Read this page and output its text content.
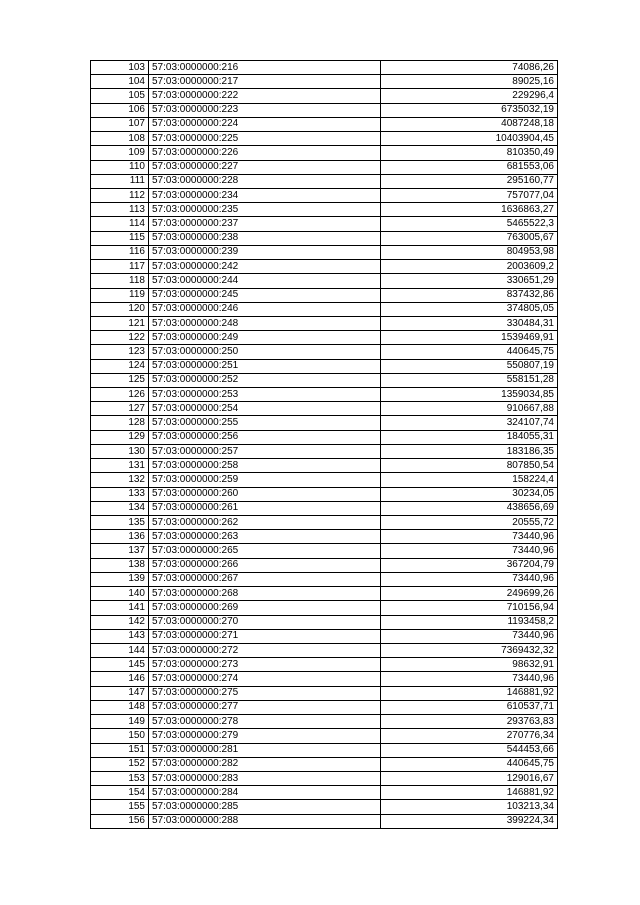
103	57:03:0000000:216	74086,26
104	57:03:0000000:217	89025,16
105	57:03:0000000:222	229296,4
106	57:03:0000000:223	6735032,19
107	57:03:0000000:224	4087248,18
108	57:03:0000000:225	10403904,45
109	57:03:0000000:226	810350,49
110	57:03:0000000:227	681553,06
111	57:03:0000000:228	295160,77
112	57:03:0000000:234	757077,04
113	57:03:0000000:235	1636863,27
114	57:03:0000000:237	5465522,3
115	57:03:0000000:238	763005,67
116	57:03:0000000:239	804953,98
117	57:03:0000000:242	2003609,2
118	57:03:0000000:244	330651,29
119	57:03:0000000:245	837432,86
120	57:03:0000000:246	374805,05
121	57:03:0000000:248	330484,31
122	57:03:0000000:249	1539469,91
123	57:03:0000000:250	440645,75
124	57:03:0000000:251	550807,19
125	57:03:0000000:252	558151,28
126	57:03:0000000:253	1359034,85
127	57:03:0000000:254	910667,88
128	57:03:0000000:255	324107,74
129	57:03:0000000:256	184055,31
130	57:03:0000000:257	183186,35
131	57:03:0000000:258	807850,54
132	57:03:0000000:259	158224,4
133	57:03:0000000:260	30234,05
134	57:03:0000000:261	438656,69
135	57:03:0000000:262	20555,72
136	57:03:0000000:263	73440,96
137	57:03:0000000:265	73440,96
138	57:03:0000000:266	367204,79
139	57:03:0000000:267	73440,96
140	57:03:0000000:268	249699,26
141	57:03:0000000:269	710156,94
142	57:03:0000000:270	1193458,2
143	57:03:0000000:271	73440,96
144	57:03:0000000:272	7369432,32
145	57:03:0000000:273	98632,91
146	57:03:0000000:274	73440,96
147	57:03:0000000:275	146881,92
148	57:03:0000000:277	610537,71
149	57:03:0000000:278	293763,83
150	57:03:0000000:279	270776,34
151	57:03:0000000:281	544453,66
152	57:03:0000000:282	440645,75
153	57:03:0000000:283	129016,67
154	57:03:0000000:284	146881,92
155	57:03:0000000:285	103213,34
156	57:03:0000000:288	399224,34
